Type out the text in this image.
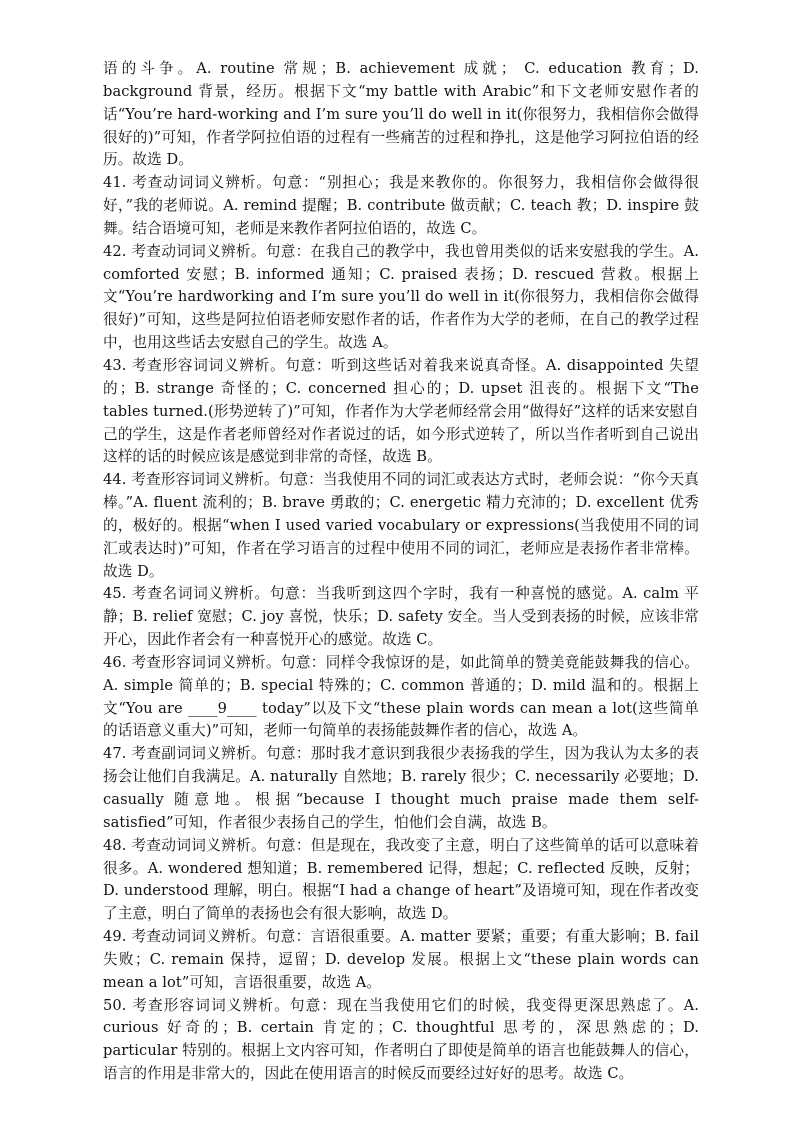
语的斗争。A. routine 常规；B. achievement 成就； C. education 教育；D. background 背景，经历。根据下文“my battle with Arabic”和下文老师安慰作者的话“You’re hard-working and I’m sure you’ll do well in it(你很努力，我相信你会做得很好的)”可知，作者学阿拉伯语的过程有一些痛苦的过程和挣扎，这是他学习阿拉伯语的经历。故选 D。

41. 考查动词词义辨析。句意：“别担心；我是来教你的。你很努力，我相信你会做得很好，”我的老师说。A. remind 提醒；B. contribute 做贡献；C. teach 教；D. inspire 鼓舞。结合语境可知，老师是来教作者阿拉伯语的，故选 C。

42. 考查动词词义辨析。句意：在我自己的教学中，我也曾用类似的话来安慰我的学生。A. comforted 安慰；B. informed 通知；C. praised 表扬；D. rescued 营救。根据上文“You’re hardworking and I’m sure you’ll do well in it(你很努力，我相信你会做得很好)”可知，这些是阿拉伯语老师安慰作者的话，作者作为大学的老师，在自己的教学过程中，也用这些话去安慰自己的学生。故选 A。

43. 考查形容词词义辨析。句意：听到这些话对着我来说真奇怪。A. disappointed 失望的；B. strange 奇怪的；C. concerned 担心的；D. upset 沮丧的。根据下文“The tables turned.(形势逆转了)”可知，作者作为大学老师经常会用“做得好”这样的话来安慰自己的学生，这是作者老师曾经对作者说过的话，如今形式逆转了，所以当作者听到自己说出这样的话的时候应该是感觉到非常的奇怪，故选 B。

44. 考查形容词词义辨析。句意：当我使用不同的词汇或表达方式时，老师会说：“你今天真棒。”A. fluent 流利的；B. brave 勇敢的；C. energetic 精力充沛的；D. excellent 优秀的，极好的。根据“when I used varied vocabulary or expressions(当我使用不同的词汇或表达时)”可知，作者在学习语言的过程中使用不同的词汇，老师应是表扬作者非常棒。故选 D。

45. 考查名词词义辨析。句意：当我听到这四个字时，我有一种喜悦的感觉。A. calm 平静；B. relief 宽慰；C. joy 喜悦，快乐；D. safety 安全。当人受到表扬的时候，应该非常开心，因此作者会有一种喜悦开心的感觉。故选 C。

46. 考查形容词词义辨析。句意：同样令我惊讶的是，如此简单的赞美竟能鼓舞我的信心。A. simple 简单的；B. special 特殊的；C. common 普通的；D. mild 温和的。根据上文“You are ____9____ today”以及下文“these plain words can mean a lot(这些简单的话语意义重大)”可知，老师一句简单的表扬能鼓舞作者的信心，故选 A。

47. 考查副词词义辨析。句意：那时我才意识到我很少表扬我的学生，因为我认为太多的表扬会让他们自我满足。A. naturally 自然地；B. rarely 很少；C. necessarily 必要地；D. casually 随意地。根据“because I thought much praise made them self-satisfied”可知，作者很少表扬自己的学生，怕他们会自满，故选 B。

48. 考查动词词义辨析。句意：但是现在，我改变了主意，明白了这些简单的话可以意味着很多。A. wondered 想知道；B. remembered 记得，想起；C. reflected 反映，反射；D. understood 理解，明白。根据“I had a change of heart”及语境可知，现在作者改变了主意，明白了简单的表扬也会有很大影响，故选 D。

49. 考查动词词义辨析。句意：言语很重要。A. matter 要紧；重要；有重大影响；B. fail 失败；C. remain 保持，逗留；D. develop 发展。根据上文“these plain words can mean a lot”可知，言语很重要，故选 A。

50. 考查形容词词义辨析。句意：现在当我使用它们的时候，我变得更深思熟虑了。A. curious 好奇的；B. certain 肯定的；C. thoughtful 思考的，深思熟虑的；D. particular 特别的。根据上文内容可知，作者明白了即使是简单的语言也能鼓舞人的信心，语言的作用是非常大的，因此在使用语言的时候反而要经过好好的思考。故选 C。
